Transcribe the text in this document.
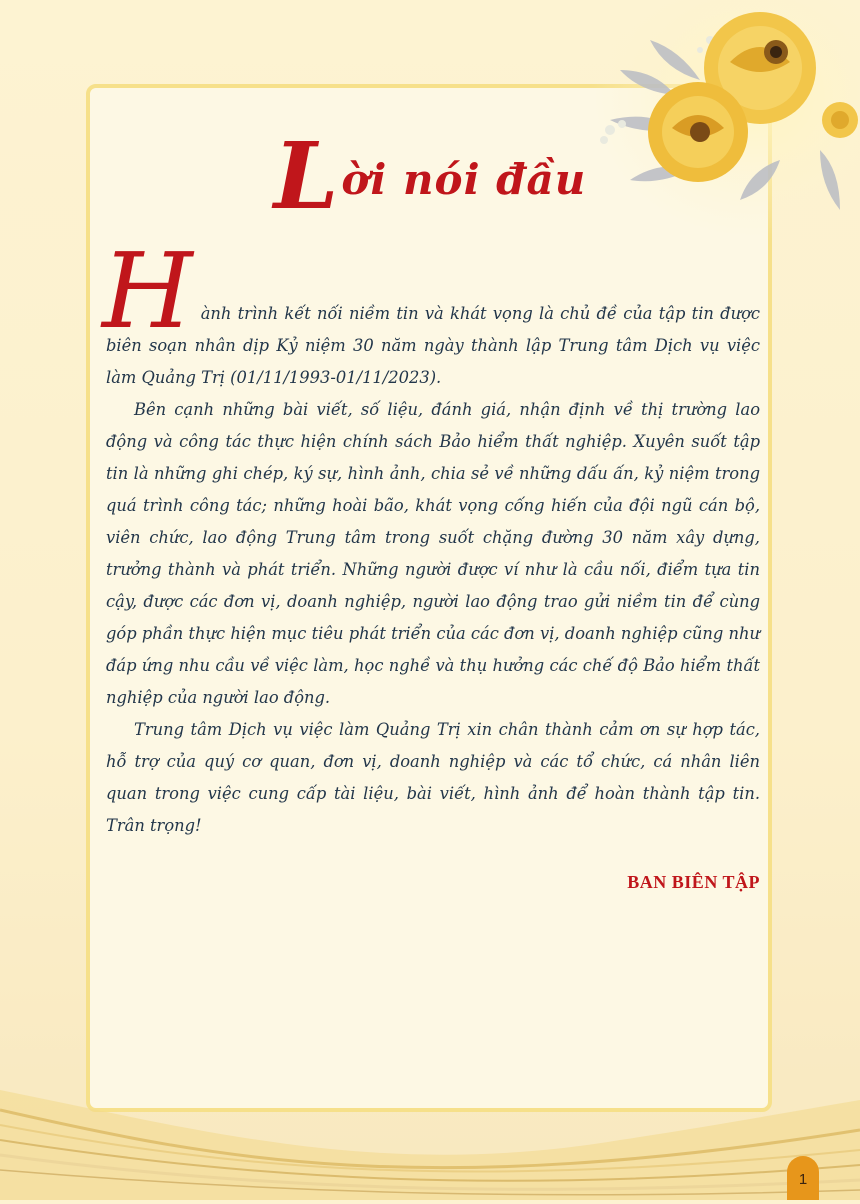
Lời nói đầu

Hành trình kết nối niềm tin và khát vọng là chủ đề của tập tin được biên soạn nhân dịp Kỷ niệm 30 năm ngày thành lập Trung tâm Dịch vụ việc làm Quảng Trị (01/11/1993-01/11/2023).

Bên cạnh những bài viết, số liệu, đánh giá, nhận định về thị trường lao động và công tác thực hiện chính sách Bảo hiểm thất nghiệp. Xuyên suốt tập tin là những ghi chép, ký sự, hình ảnh, chia sẻ về những dấu ấn, kỷ niệm trong quá trình công tác; những hoài bão, khát vọng cống hiến của đội ngũ cán bộ, viên chức, lao động Trung tâm trong suốt chặng đường 30 năm xây dựng, trưởng thành và phát triển. Những người được ví như là cầu nối, điểm tựa tin cậy, được các đơn vị, doanh nghiệp, người lao động trao gửi niềm tin để cùng góp phần thực hiện mục tiêu phát triển của các đơn vị, doanh nghiệp cũng như đáp ứng nhu cầu về việc làm, học nghề và thụ hưởng các chế độ Bảo hiểm thất nghiệp của người lao động.

Trung tâm Dịch vụ việc làm Quảng Trị xin chân thành cảm ơn sự hợp tác, hỗ trợ của quý cơ quan, đơn vị, doanh nghiệp và các tổ chức, cá nhân liên quan trong việc cung cấp tài liệu, bài viết, hình ảnh để hoàn thành tập tin. Trân trọng!

BAN BIÊN TẬP

1
